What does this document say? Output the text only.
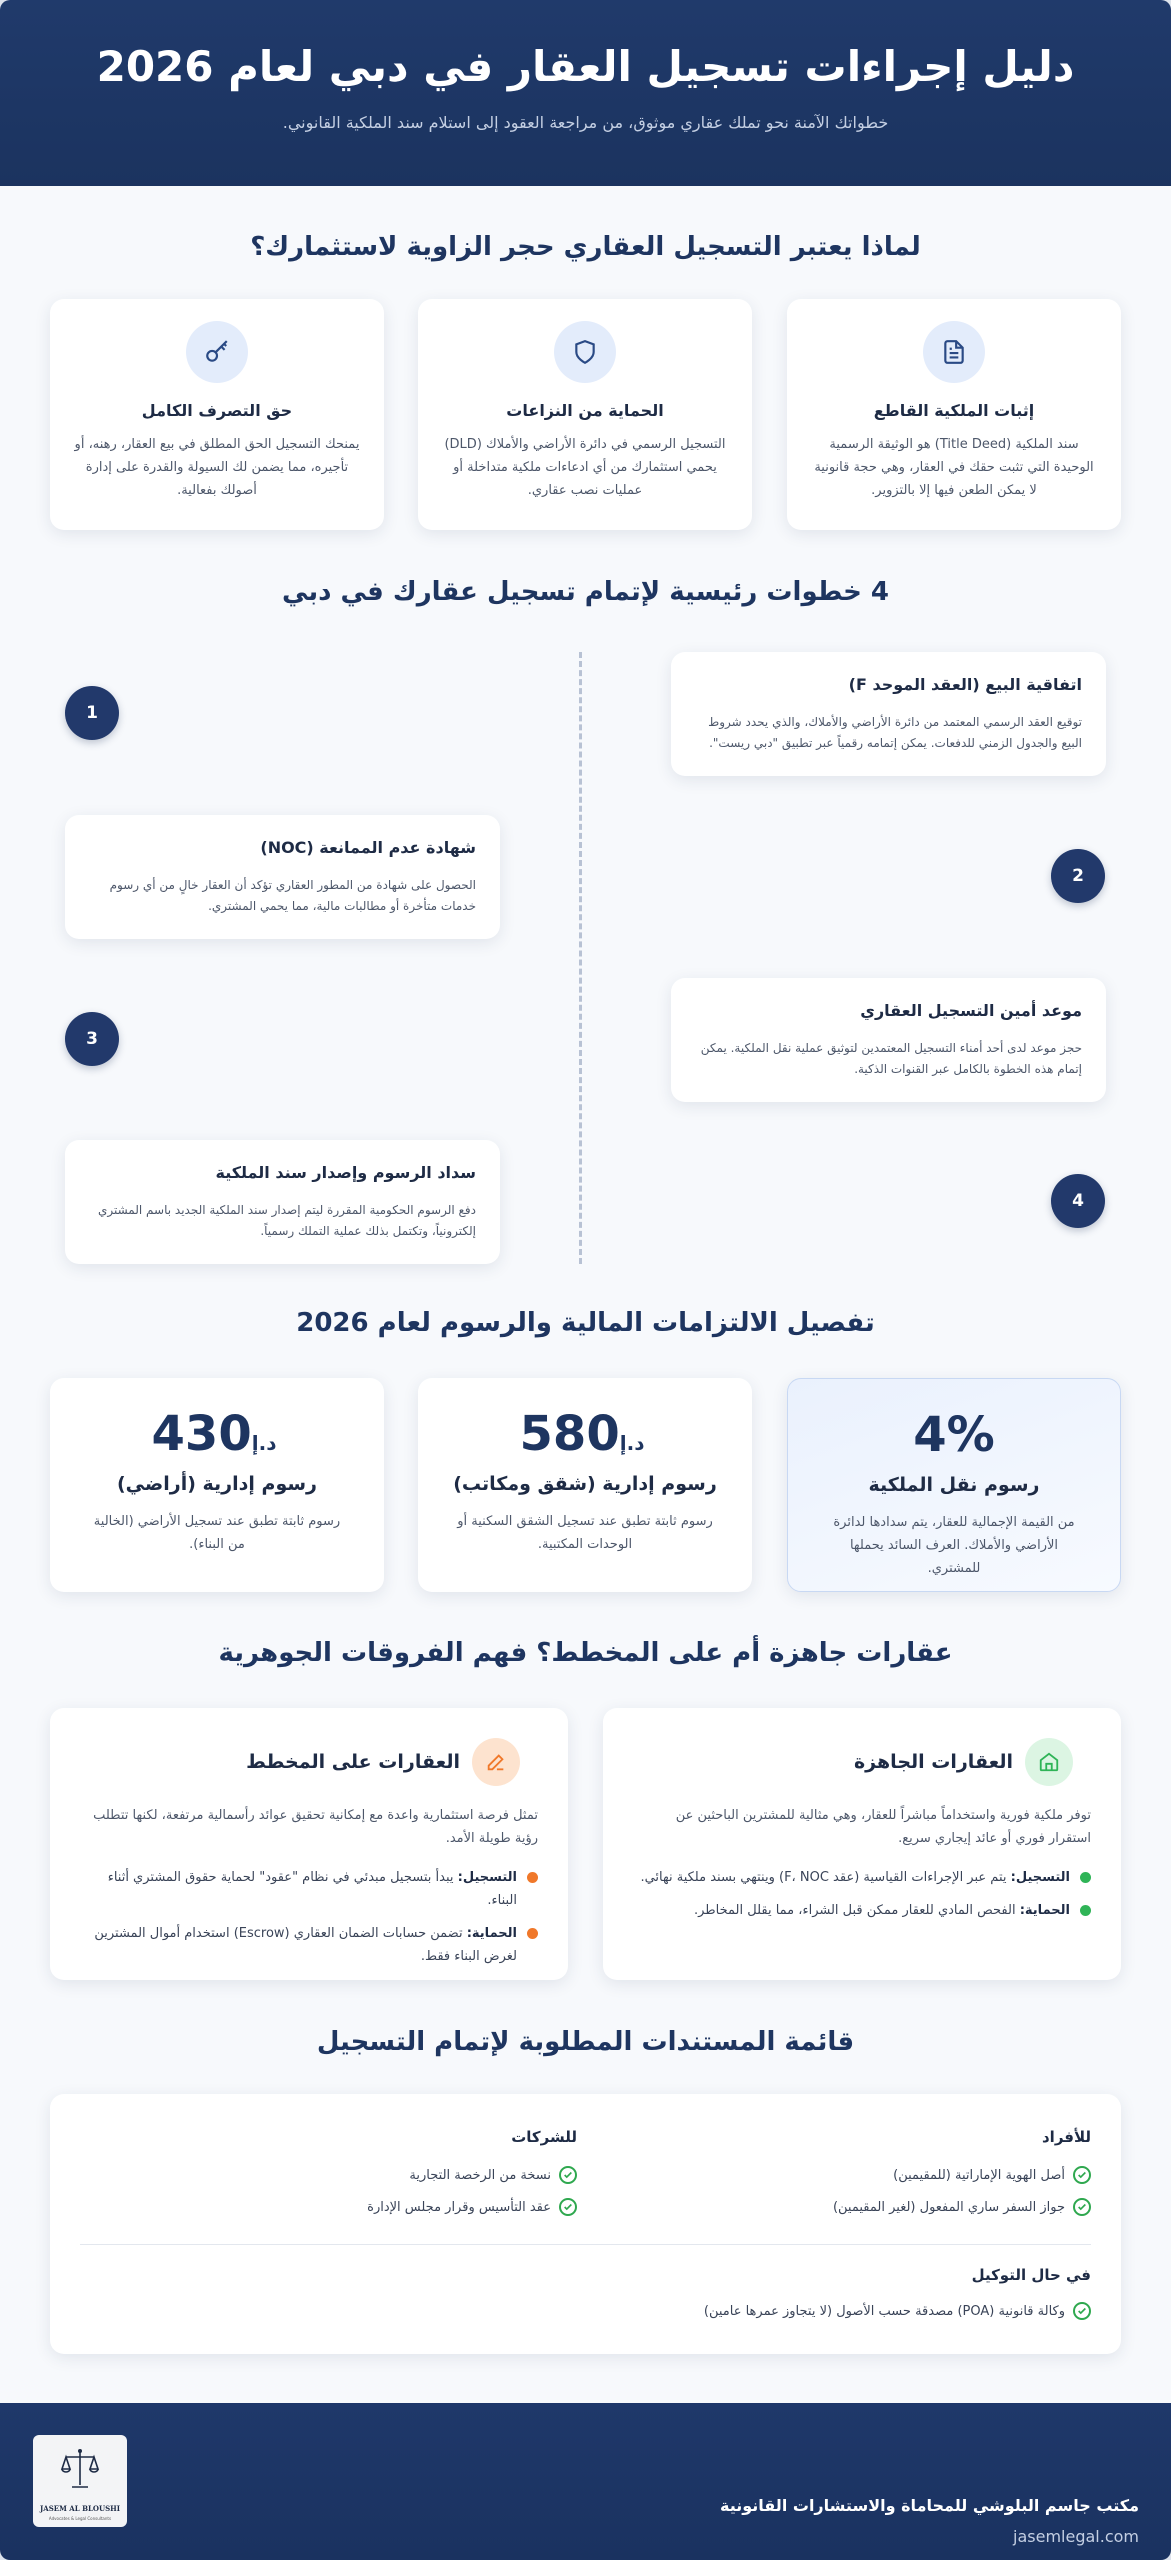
دليل إجراءات تسجيل العقار في دبي لعام 2026

خطواتك الآمنة نحو تملك عقاري موثوق، من مراجعة العقود إلى استلام سند الملكية القانوني.

لماذا يعتبر التسجيل العقاري حجر الزاوية لاستثمارك؟
إثبات الملكية القاطع

سند الملكية (Title Deed) هو الوثيقة الرسمية الوحيدة التي تثبت حقك في العقار، وهي حجة قانونية لا يمكن الطعن فيها إلا بالتزوير.

الحماية من النزاعات

التسجيل الرسمي في دائرة الأراضي والأملاك (DLD) يحمي استثمارك من أي ادعاءات ملكية متداخلة أو عمليات نصب عقاري.

حق التصرف الكامل

يمنحك التسجيل الحق المطلق في بيع العقار، رهنه، أو تأجيره، مما يضمن لك السيولة والقدرة على إدارة أصولك بفعالية.

4 خطوات رئيسية لإتمام تسجيل عقارك في دبي
اتفاقية البيع (العقد الموحد F)

توقيع العقد الرسمي المعتمد من دائرة الأراضي والأملاك، والذي يحدد شروط البيع والجدول الزمني للدفعات. يمكن إتمامه رقمياً عبر تطبيق "دبي ريست".

1
شهادة عدم الممانعة (NOC)

الحصول على شهادة من المطور العقاري تؤكد أن العقار خالٍ من أي رسوم خدمات متأخرة أو مطالبات مالية، مما يحمي المشتري.

2
موعد أمين التسجيل العقاري

حجز موعد لدى أحد أمناء التسجيل المعتمدين لتوثيق عملية نقل الملكية. يمكن إتمام هذه الخطوة بالكامل عبر القنوات الذكية.

3
سداد الرسوم وإصدار سند الملكية

دفع الرسوم الحكومية المقررة ليتم إصدار سند الملكية الجديد باسم المشتري إلكترونياً، وتكتمل بذلك عملية التملك رسمياً.

4
تفصيل الالتزامات المالية والرسوم لعام 2026
4%
رسوم نقل الملكية

من القيمة الإجمالية للعقار، يتم سدادها لدائرة الأراضي والأملاك. العرف السائد يحملها للمشتري.

580د.إ
رسوم إدارية (شقق ومكاتب)

رسوم ثابتة تطبق عند تسجيل الشقق السكنية أو الوحدات المكتبية.

430د.إ
رسوم إدارية (أراضي)

رسوم ثابتة تطبق عند تسجيل الأراضي (الخالية من البناء).

عقارات جاهزة أم على المخطط؟ فهم الفروقات الجوهرية
العقارات الجاهزة

توفر ملكية فورية واستخداماً مباشراً للعقار، وهي مثالية للمشترين الباحثين عن استقرار فوري أو عائد إيجاري سريع.

التسجيل: يتم عبر الإجراءات القياسية (عقد F، NOC) وينتهي بسند ملكية نهائي.
الحماية: الفحص المادي للعقار ممكن قبل الشراء، مما يقلل المخاطر.
العقارات على المخطط

تمثل فرصة استثمارية واعدة مع إمكانية تحقيق عوائد رأسمالية مرتفعة، لكنها تتطلب رؤية طويلة الأمد.

التسجيل: يبدأ بتسجيل مبدئي في نظام "عقود" لحماية حقوق المشتري أثناء البناء.
الحماية: تضمن حسابات الضمان العقاري (Escrow) استخدام أموال المشترين لغرض البناء فقط.
قائمة المستندات المطلوبة لإتمام التسجيل
للأفراد
أصل الهوية الإماراتية (للمقيمين)
جواز السفر ساري المفعول (لغير المقيمين)
للشركات
نسخة من الرخصة التجارية
عقد التأسيس وقرار مجلس الإدارة
في حال التوكيل
وكالة قانونية (POA) مصدقة حسب الأصول (لا يتجاوز عمرها عامين)
مكتب جاسم البلوشي للمحاماة والاستشارات القانونية
jasemlegal.com
JASEM AL BLOUSHI
Advocates & Legal Consultants
